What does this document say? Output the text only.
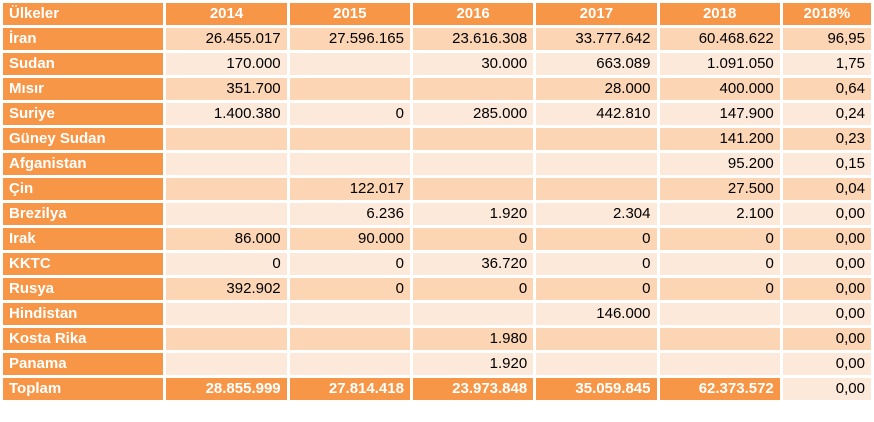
Ülkeler	2014	2015	2016	2017	2018	2018%
İran	26.455.017	27.596.165	23.616.308	33.777.642	60.468.622	96,95
Sudan	170.000		30.000	663.089	1.091.050	1,75
Mısır	351.700			28.000	400.000	0,64
Suriye	1.400.380	0	285.000	442.810	147.900	0,24
Güney Sudan					141.200	0,23
Afganistan					95.200	0,15
Çin		122.017			27.500	0,04
Brezilya		6.236	1.920	2.304	2.100	0,00
Irak	86.000	90.000	0	0	0	0,00
KKTC	0	0	36.720	0	0	0,00
Rusya	392.902	0	0	0	0	0,00
Hindistan				146.000		0,00
Kosta Rika			1.980			0,00
Panama			1.920			0,00
Toplam	28.855.999	27.814.418	23.973.848	35.059.845	62.373.572	0,00
